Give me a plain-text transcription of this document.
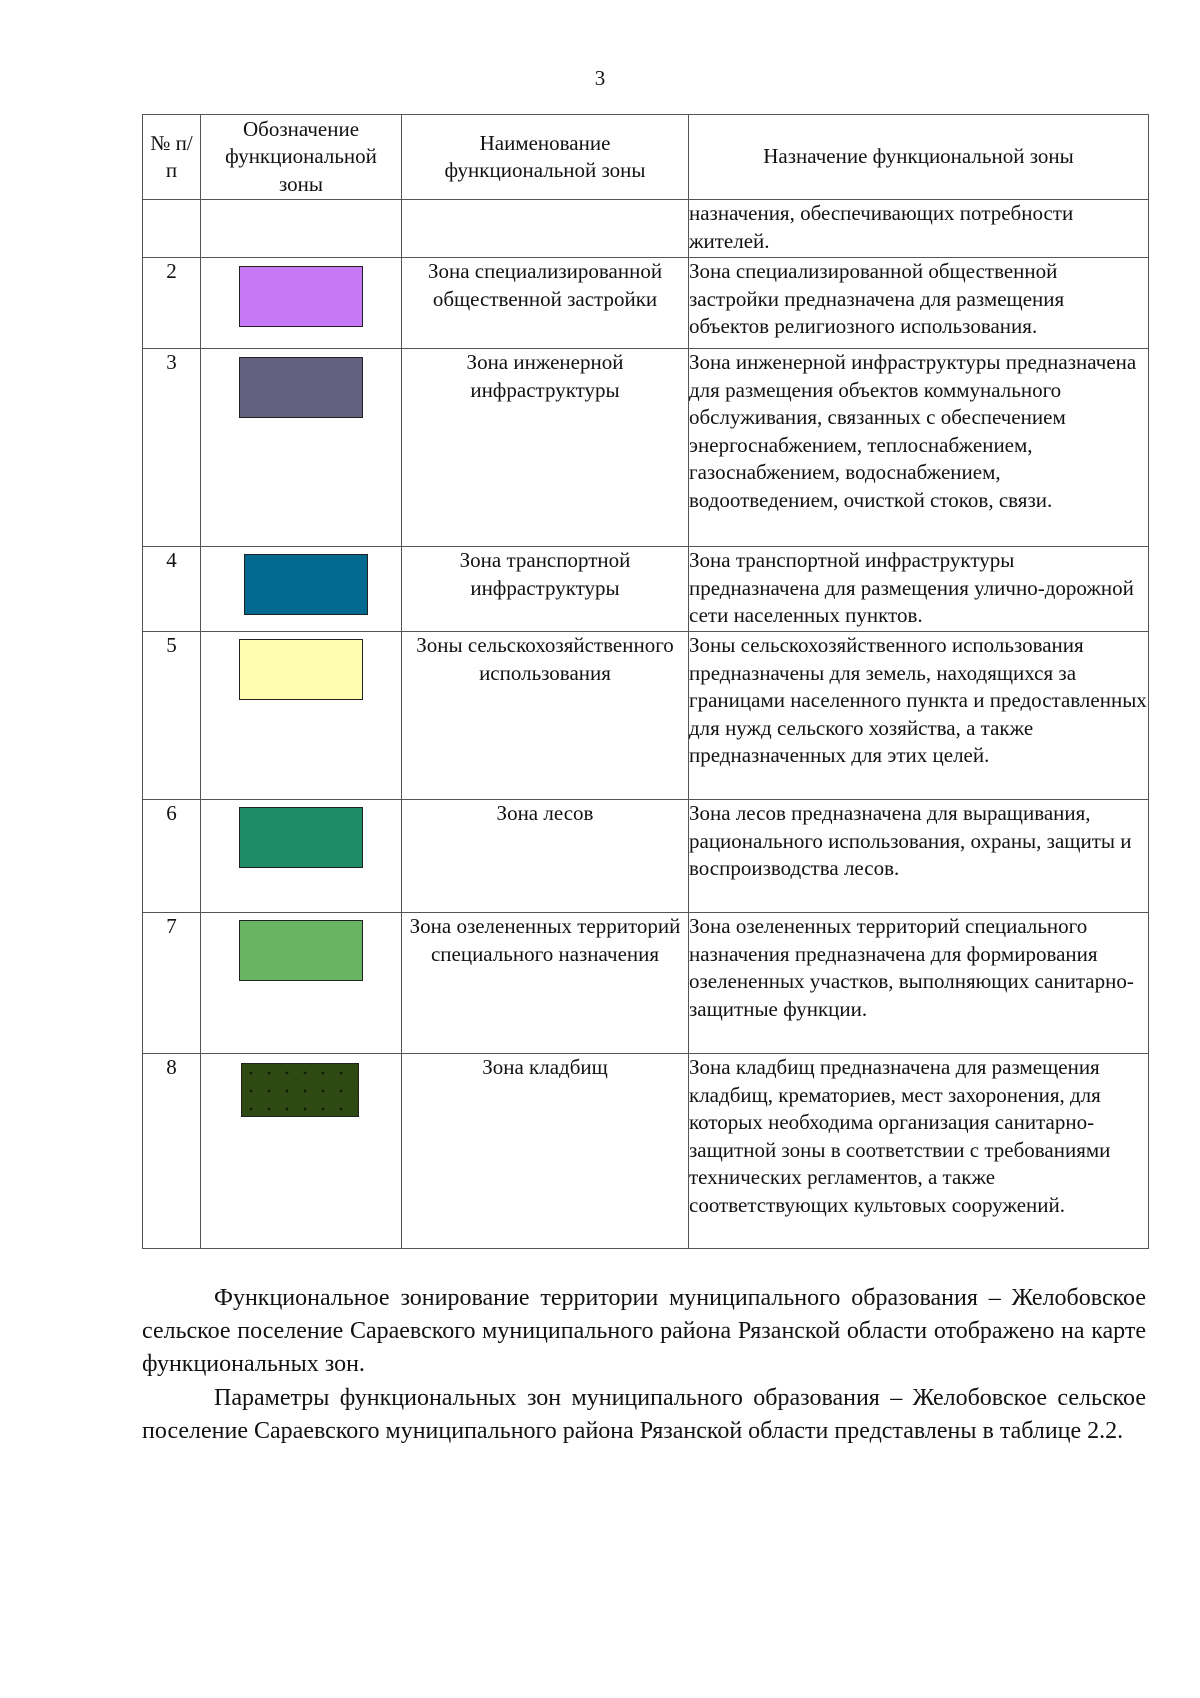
3
№ п/п	Обозначение функциональной зоны	Наименование функциональной зоны	Назначение функциональной зоны
			назначения, обеспечивающих потребности жителей.
2		Зона специализированной общественной застройки	Зона специализированной общественной застройки предназначена для размещения объектов религиозного использования.
3		Зона инженерной инфраструктуры	Зона инженерной инфраструктуры предназначена для размещения объектов коммунального обслуживания, связанных с обеспечением энергоснабжением, теплоснабжением, газоснабжением, водоснабжением, водоотведением, очисткой стоков, связи.
4		Зона транспортной инфраструктуры	Зона транспортной инфраструктуры предназначена для размещения улично-дорожной сети населенных пунктов.
5		Зоны сельскохозяйственного использования	Зоны сельскохозяйственного использования предназначены для земель, находящихся за границами населенного пункта и предоставленных для нужд сельского хозяйства, а также предназначенных для этих целей.
6		Зона лесов	Зона лесов предназначена для выращивания, рационального использования, охраны, защиты и воспроизводства лесов.
7		Зона озелененных территорий специального назначения	Зона озелененных территорий специального назначения предназначена для формирования озелененных участков, выполняющих санитарно-защитные функции.
8		Зона кладбищ	Зона кладбищ предназначена для размещения кладбищ, крематориев, мест захоронения, для которых необходима организация санитарно-защитной зоны в соответствии с требованиями технических регламентов, а также соответствующих культовых сооружений.

Функциональное зонирование территории муниципального образования – Желобовское сельское поселение Сараевского муниципального района Рязанской области отображено на карте функциональных зон.

Параметры функциональных зон муниципального образования – Желобовское сельское поселение Сараевского муниципального района Рязанской области представлены в таблице 2.2.
